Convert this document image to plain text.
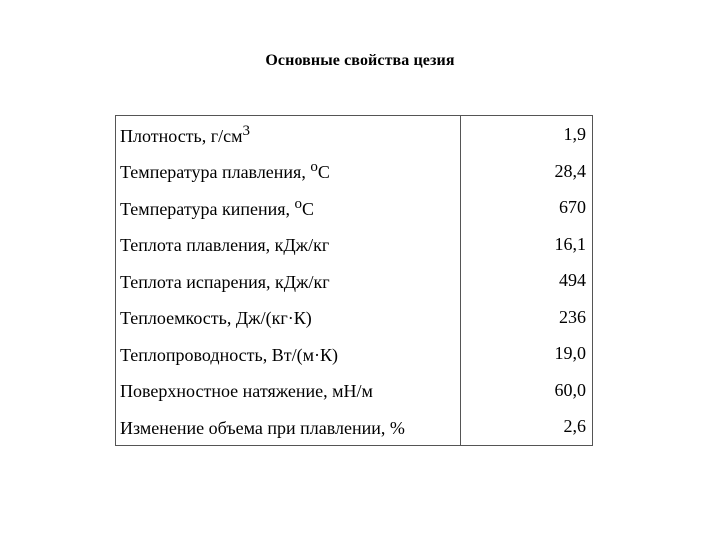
Основные свойства цезия
Плотность, $г/см^3$	1,9
Температура плавления, $^о$С	28,4
Температура кипения, $^о$С	670
Теплота плавления, кДж/кг	16,1
Теплота испарения, кДж/кг	494
Теплоемкость, Дж/(кг·К)	236
Теплопроводность, Вт/(м·К)	19,0
Поверхностное натяжение, мН/м	60,0
Изменение объема при плавлении, %	2,6
